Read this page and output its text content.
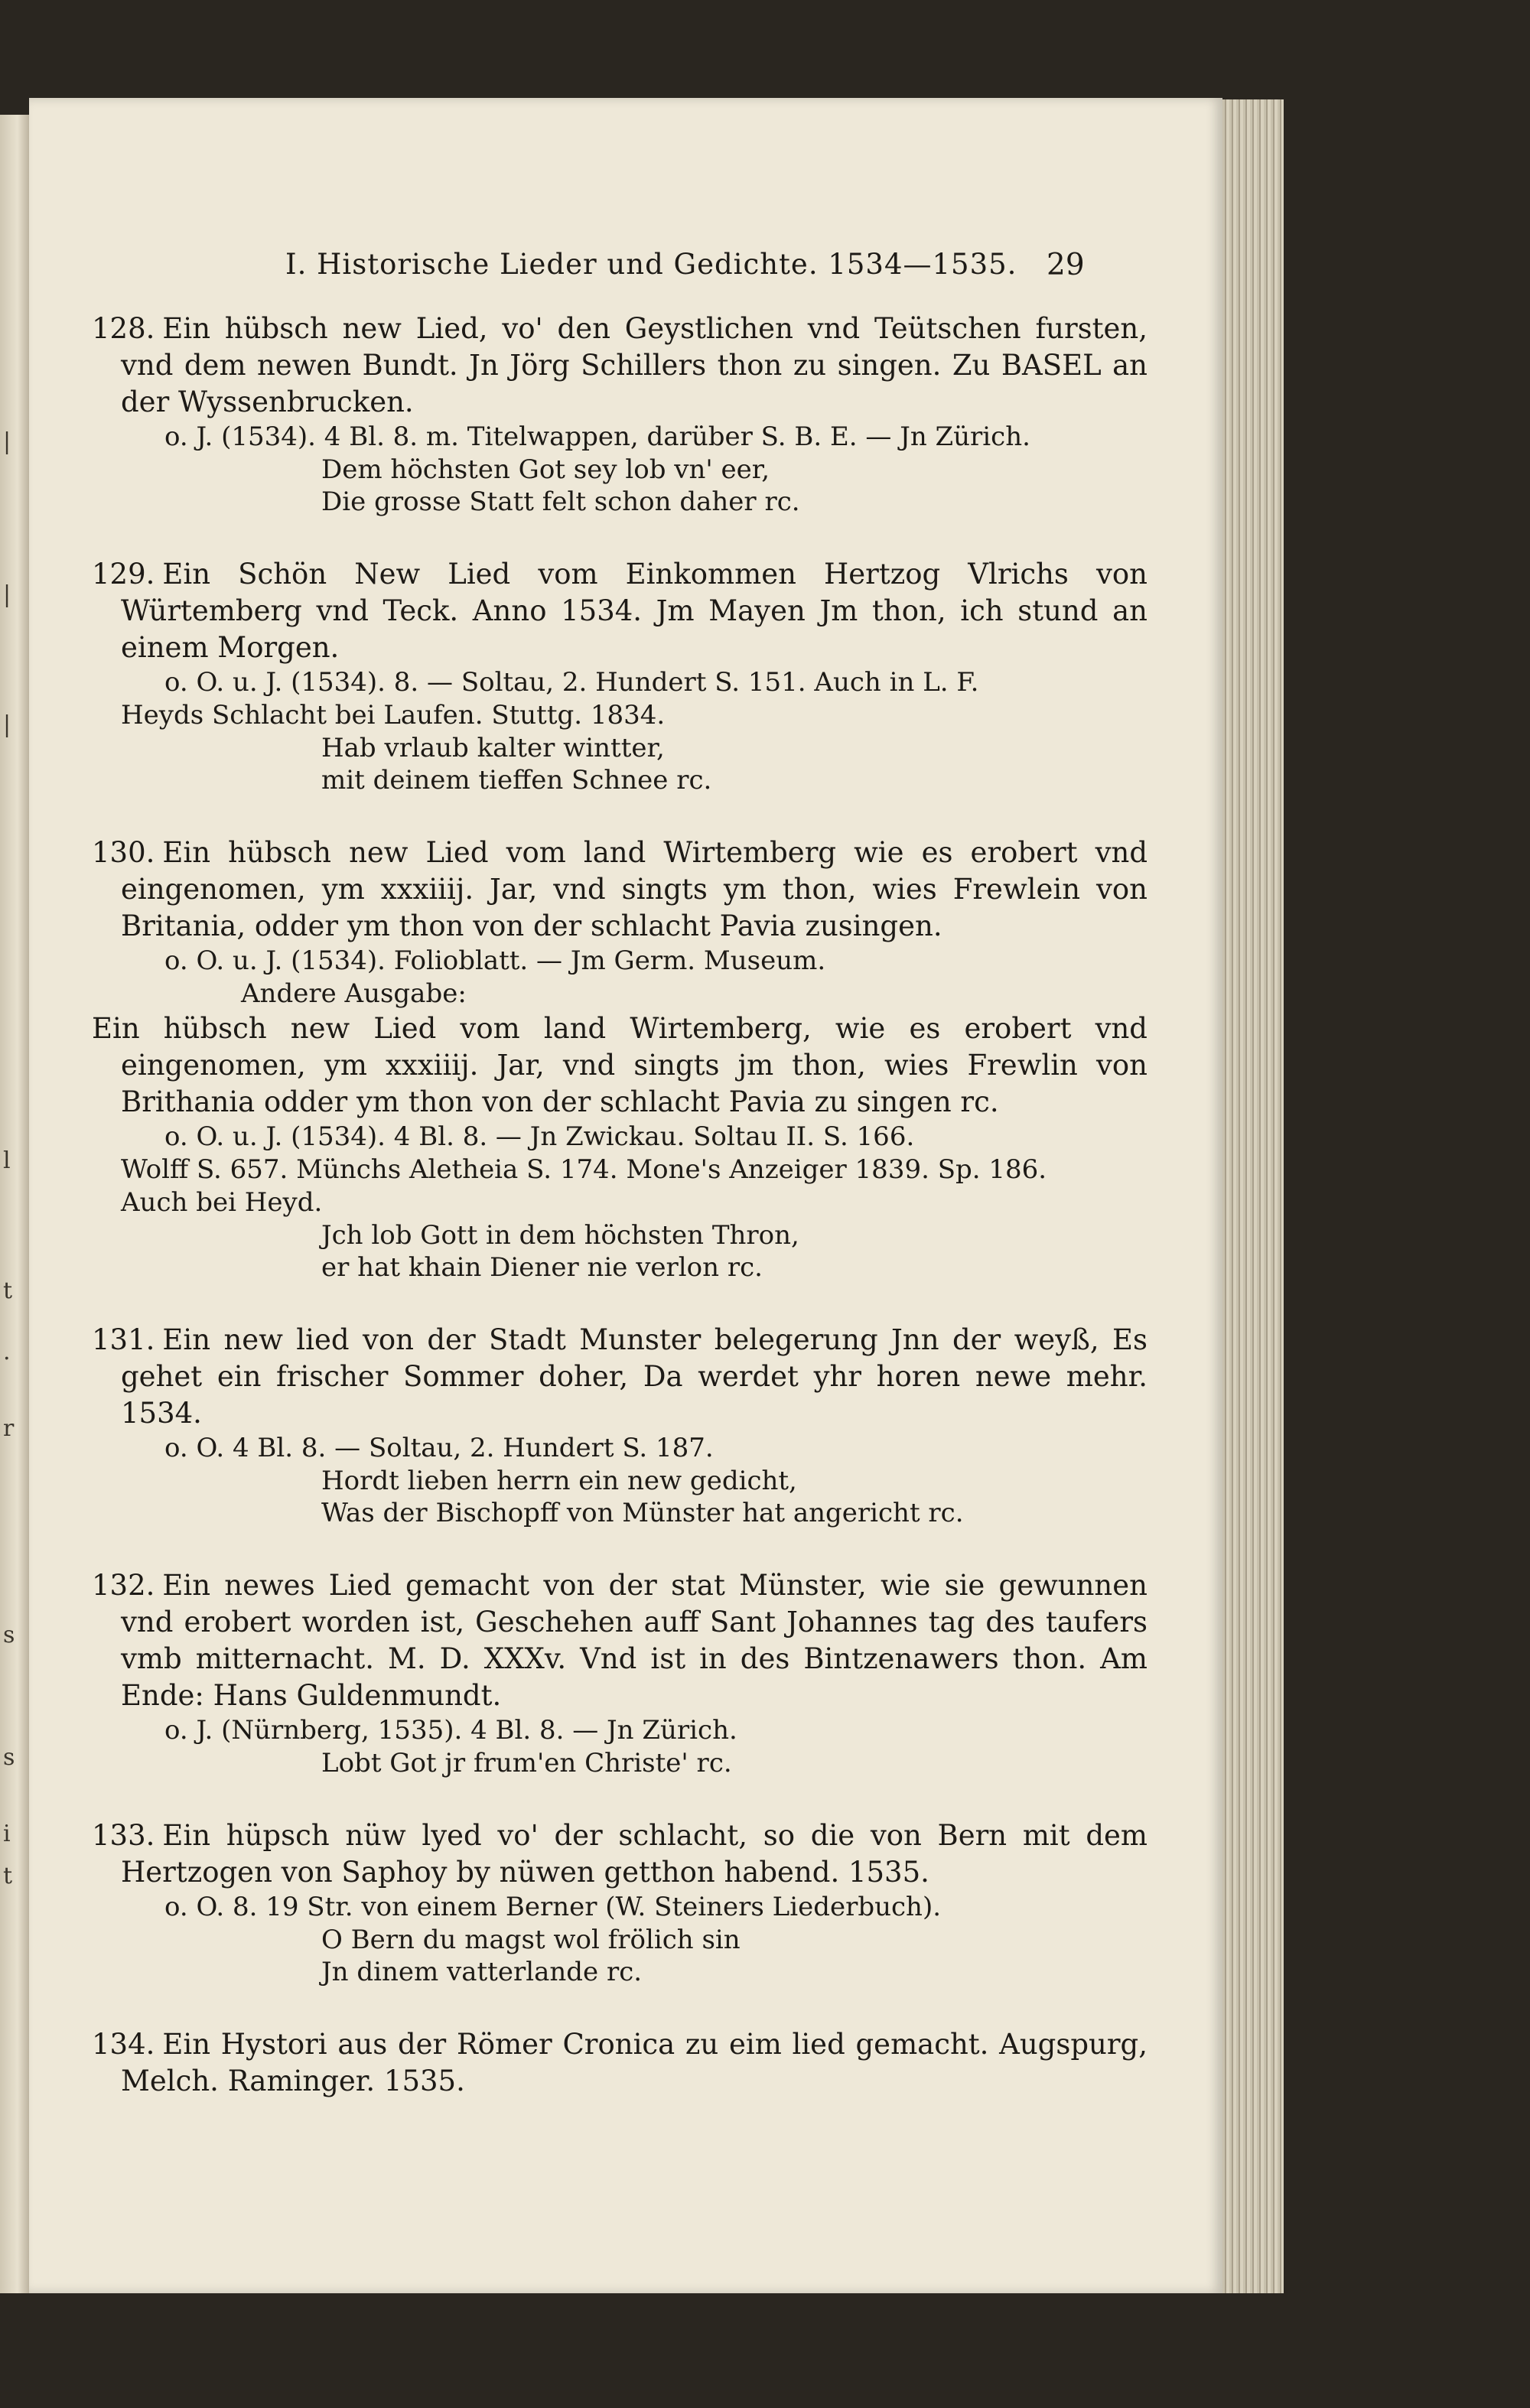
|
|
|
l
t
.
r
s
s
i
t
I. Historische Lieder und Gedichte. 1534—1535. 29
128. Ein hübsch new Lied, vo' den Geystlichen vnd Teütschen fursten, vnd dem newen Bundt. Jn Jörg Schillers thon zu singen. Zu BASEL an der Wyssenbrucken.
o. J. (1534). 4 Bl. 8. m. Titelwappen, darüber S. B. E. — Jn Zürich.
Dem höchsten Got sey lob vn' eer,
Die grosse Statt felt schon daher rc.
129. Ein Schön New Lied vom Einkommen Hertzog Vlrichs von Würtemberg vnd Teck. Anno 1534. Jm Mayen Jm thon, ich stund an einem Morgen.
o. O. u. J. (1534). 8. — Soltau, 2. Hundert S. 151. Auch in L. F.
Heyds Schlacht bei Laufen. Stuttg. 1834.
Hab vrlaub kalter wintter,
mit deinem tieffen Schnee rc.
130. Ein hübsch new Lied vom land Wirtemberg wie es erobert vnd eingenomen, ym xxxiiij. Jar, vnd singts ym thon, wies Frewlein von Britania, odder ym thon von der schlacht Pavia zusingen.
o. O. u. J. (1534). Folioblatt. — Jm Germ. Museum.
Andere Ausgabe:
Ein hübsch new Lied vom land Wirtemberg, wie es erobert vnd eingenomen, ym xxxiiij. Jar, vnd singts jm thon, wies Frewlin von Brithania odder ym thon von der schlacht Pavia zu singen rc.
o. O. u. J. (1534). 4 Bl. 8. — Jn Zwickau. Soltau II. S. 166.
Wolff S. 657. Münchs Aletheia S. 174. Mone's Anzeiger 1839. Sp. 186.
Auch bei Heyd.
Jch lob Gott in dem höchsten Thron,
er hat khain Diener nie verlon rc.
131. Ein new lied von der Stadt Munster belegerung Jnn der weyß, Es gehet ein frischer Sommer doher, Da werdet yhr horen newe mehr. 1534.
o. O. 4 Bl. 8. — Soltau, 2. Hundert S. 187.
Hordt lieben herrn ein new gedicht,
Was der Bischopff von Münster hat angericht rc.
132. Ein newes Lied gemacht von der stat Münster, wie sie gewunnen vnd erobert worden ist, Geschehen auff Sant Johannes tag des taufers vmb mitternacht. M. D. XXXv. Vnd ist in des Bintzenawers thon. Am Ende: Hans Guldenmundt.
o. J. (Nürnberg, 1535). 4 Bl. 8. — Jn Zürich.
Lobt Got jr frum'en Christe' rc.
133. Ein hüpsch nüw lyed vo' der schlacht, so die von Bern mit dem Hertzogen von Saphoy by nüwen getthon habend. 1535.
o. O. 8. 19 Str. von einem Berner (W. Steiners Liederbuch).
O Bern du magst wol frölich sin
Jn dinem vatterlande rc.
134. Ein Hystori aus der Römer Cronica zu eim lied gemacht. Augspurg, Melch. Raminger. 1535.
